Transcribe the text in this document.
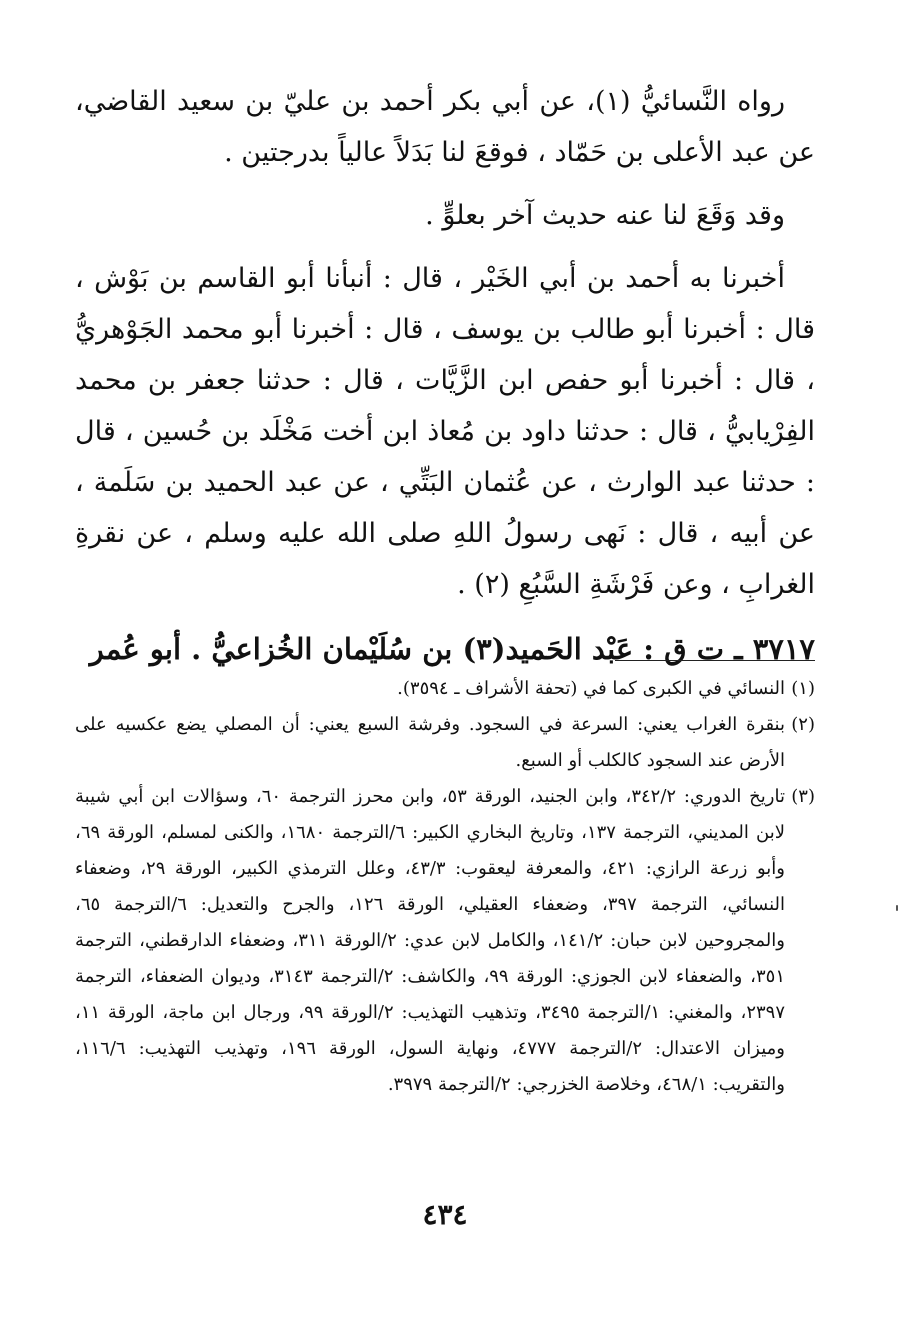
رواه النَّسائيُّ (١)، عن أبي بكر أحمد بن عليّ بن سعيد القاضي، عن عبد الأعلى بن حَمّاد ، فوقعَ لنا بَدَلاً عالياً بدرجتين .

وقد وَقَعَ لنا عنه حديث آخر بعلوٍّ .

أخبرنا به أحمد بن أبي الخَيْر ، قال : أنبأنا أبو القاسم بن بَوْش ، قال : أخبرنا أبو طالب بن يوسف ، قال : أخبرنا أبو محمد الجَوْهريُّ ، قال : أخبرنا أبو حفص ابن الزَّيَّات ، قال : حدثنا جعفر بن محمد الفِرْيابيُّ ، قال : حدثنا داود بن مُعاذ ابن أخت مَخْلَد بن حُسين ، قال : حدثنا عبد الوارث ، عن عُثمان البَتِّي ، عن عبد الحميد بن سَلَمة ، عن أبيه ، قال : نَهى رسولُ اللهِ صلى الله عليه وسلم ، عن نقرةِ الغرابِ ، وعن فَرْشَةِ السَّبُعِ (٢) .

٣٧١٧ ـ ت ق : عَبْد الحَميد(٣) بن سُلَيْمان الخُزاعيُّ . أبو عُمر

(١)
النسائي في الكبرى كما في (تحفة الأشراف ـ ٣٥٩٤).

(٢)
بنقرة الغراب يعني: السرعة في السجود. وفرشة السبع يعني: أن المصلي يضع عكسيه على الأرض عند السجود كالكلب أو السبع.

(٣)
تاريخ الدوري: ٣٤٢/٢، وابن الجنيد، الورقة ٥٣، وابن محرز الترجمة ٦٠، وسؤالات ابن أبي شيبة لابن المديني، الترجمة ١٣٧، وتاريخ البخاري الكبير: ٦/الترجمة ١٦٨٠، والكنى لمسلم، الورقة ٦٩، وأبو زرعة الرازي: ٤٢١، والمعرفة ليعقوب: ٤٣/٣، وعلل الترمذي الكبير، الورقة ٢٩، وضعفاء النسائي، الترجمة ٣٩٧، وضعفاء العقيلي، الورقة ١٢٦، والجرح والتعديل: ٦/الترجمة ٦٥، والمجروحين لابن حبان: ١٤١/٢، والكامل لابن عدي: ٢/الورقة ٣١١، وضعفاء الدارقطني، الترجمة ٣٥١، والضعفاء لابن الجوزي: الورقة ٩٩، والكاشف: ٢/الترجمة ٣١٤٣، وديوان الضعفاء، الترجمة ٢٣٩٧، والمغني: ١/الترجمة ٣٤٩٥، وتذهيب التهذيب: ٢/الورقة ٩٩، ورجال ابن ماجة، الورقة ١١، وميزان الاعتدال: ٢/الترجمة ٤٧٧٧، ونهاية السول، الورقة ١٩٦، وتهذيب التهذيب: ١١٦/٦، والتقريب: ٤٦٨/١، وخلاصة الخزرجي: ٢/الترجمة ٣٩٧٩.

٤٣٤
